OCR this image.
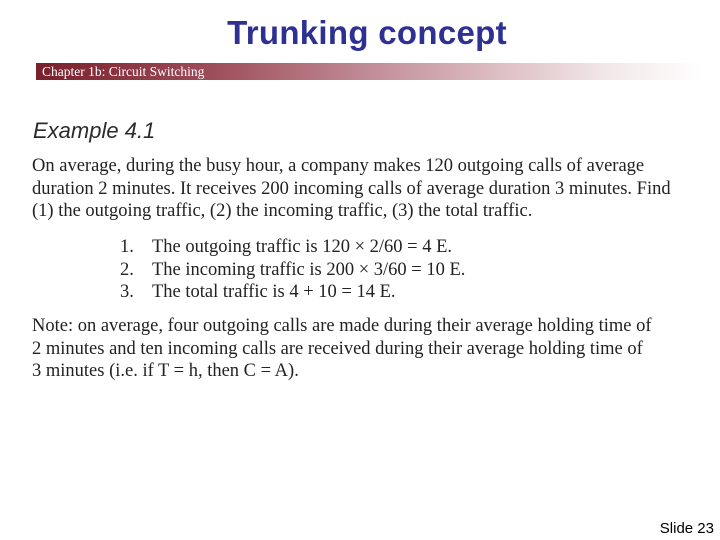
Trunking concept
Chapter 1b: Circuit Switching
Example 4.1
On average, during the busy hour, a company makes 120 outgoing calls of average
duration 2 minutes. It receives 200 incoming calls of average duration 3 minutes. Find
(1) the outgoing traffic, (2) the incoming traffic, (3) the total traffic.
1. The outgoing traffic is 120 × 2/60 = 4 E.
2. The incoming traffic is 200 × 3/60 = 10 E.
3. The total traffic is 4 + 10 = 14 E.
Note: on average, four outgoing calls are made during their average holding time of
2 minutes and ten incoming calls are received during their average holding time of
3 minutes (i.e. if T = h, then C = A).
Slide 23
